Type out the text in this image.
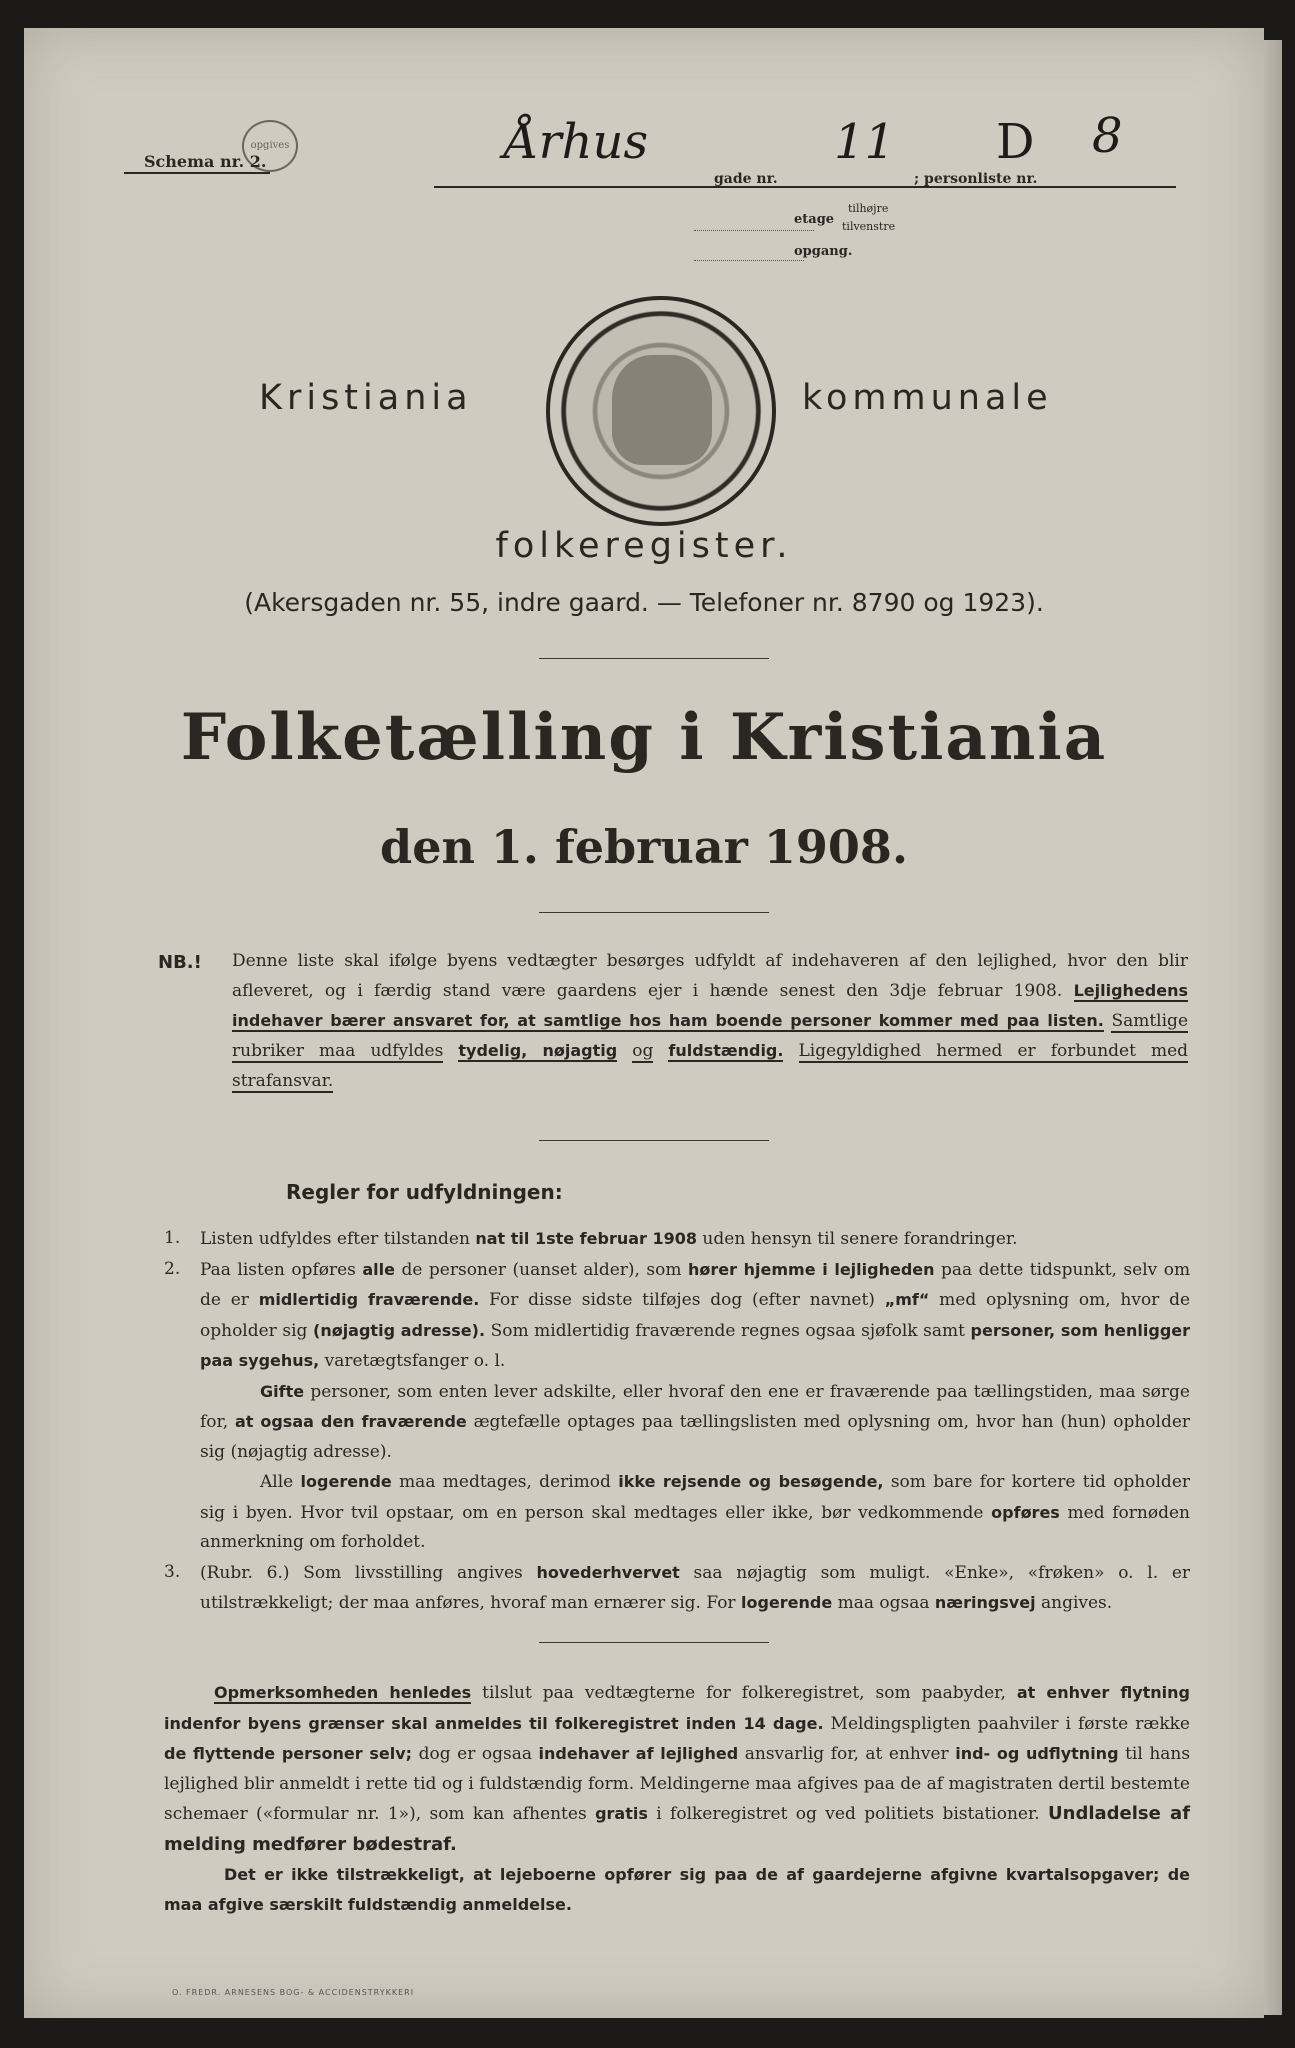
opgives
Schema nr. 2.	Århus
gade nr.
11 D
; personliste nr.
8
etage
tilhøjre
tilvenstre
opgang.
Kristiania	kommunale
folkeregister.
(Akersgaden nr. 55, indre gaard. — Telefoner nr. 8790 og 1923).
Folketælling i Kristiania
den 1. februar 1908.
NB.! Denne liste skal ifølge byens vedtægter besørges udfyldt af indehaveren af den lejlighed, hvor den blir afleveret, og i færdig stand være gaardens ejer i hænde senest den 3dje februar 1908. Lejlighedens indehaver bærer ansvaret for, at samtlige hos ham boende personer kommer med paa listen. Samtlige rubriker maa udfyldes tydelig, nøjagtig og fuldstændig. Ligegyldighed hermed er forbundet med strafansvar.
Regler for udfyldningen:
1.	Listen udfyldes efter tilstanden nat til 1ste februar 1908 uden hensyn til senere forandringer.
2.	Paa listen opføres alle de personer (uanset alder), som hører hjemme i lejligheden paa dette tidspunkt, selv om de er midlertidig fraværende. For disse sidste tilføjes dog (efter navnet) „mf“ med oplysning om, hvor de opholder sig (nøjagtig adresse). Som midlertidig fraværende regnes ogsaa sjøfolk samt personer, som henligger paa sygehus, varetægtsfanger o. l.
Gifte personer, som enten lever adskilte, eller hvoraf den ene er fraværende paa tællingstiden, maa sørge for, at ogsaa den fraværende ægtefælle optages paa tællingslisten med oplysning om, hvor han (hun) opholder sig (nøjagtig adresse).
Alle logerende maa medtages, derimod ikke rejsende og besøgende, som bare for kortere tid opholder sig i byen. Hvor tvil opstaar, om en person skal medtages eller ikke, bør vedkommende opføres med fornøden anmerkning om forholdet.
3.	(Rubr. 6.) Som livsstilling angives hovederhvervet saa nøjagtig som muligt. «Enke», «frøken» o. l. er utilstrækkeligt; der maa anføres, hvoraf man ernærer sig. For logerende maa ogsaa næringsvej angives.
Opmerksomheden henledes tilslut paa vedtægterne for folkeregistret, som paabyder, at enhver flytning indenfor byens grænser skal anmeldes til folkeregistret inden 14 dage. Meldingspligten paahviler i første række de flyttende personer selv; dog er ogsaa indehaver af lejlighed ansvarlig for, at enhver ind- og udflytning til hans lejlighed blir anmeldt i rette tid og i fuldstændig form. Meldingerne maa afgives paa de af magistraten dertil bestemte schemaer («formular nr. 1»), som kan afhentes gratis i folkeregistret og ved politiets bistationer. Undladelse af melding medfører bødestraf.
Det er ikke tilstrækkeligt, at lejeboerne opfører sig paa de af gaardejerne afgivne kvartalsopgaver; de maa afgive særskilt fuldstændig anmeldelse.
O. FREDR. ARNESENS BOG- & ACCIDENSTRYKKERI
